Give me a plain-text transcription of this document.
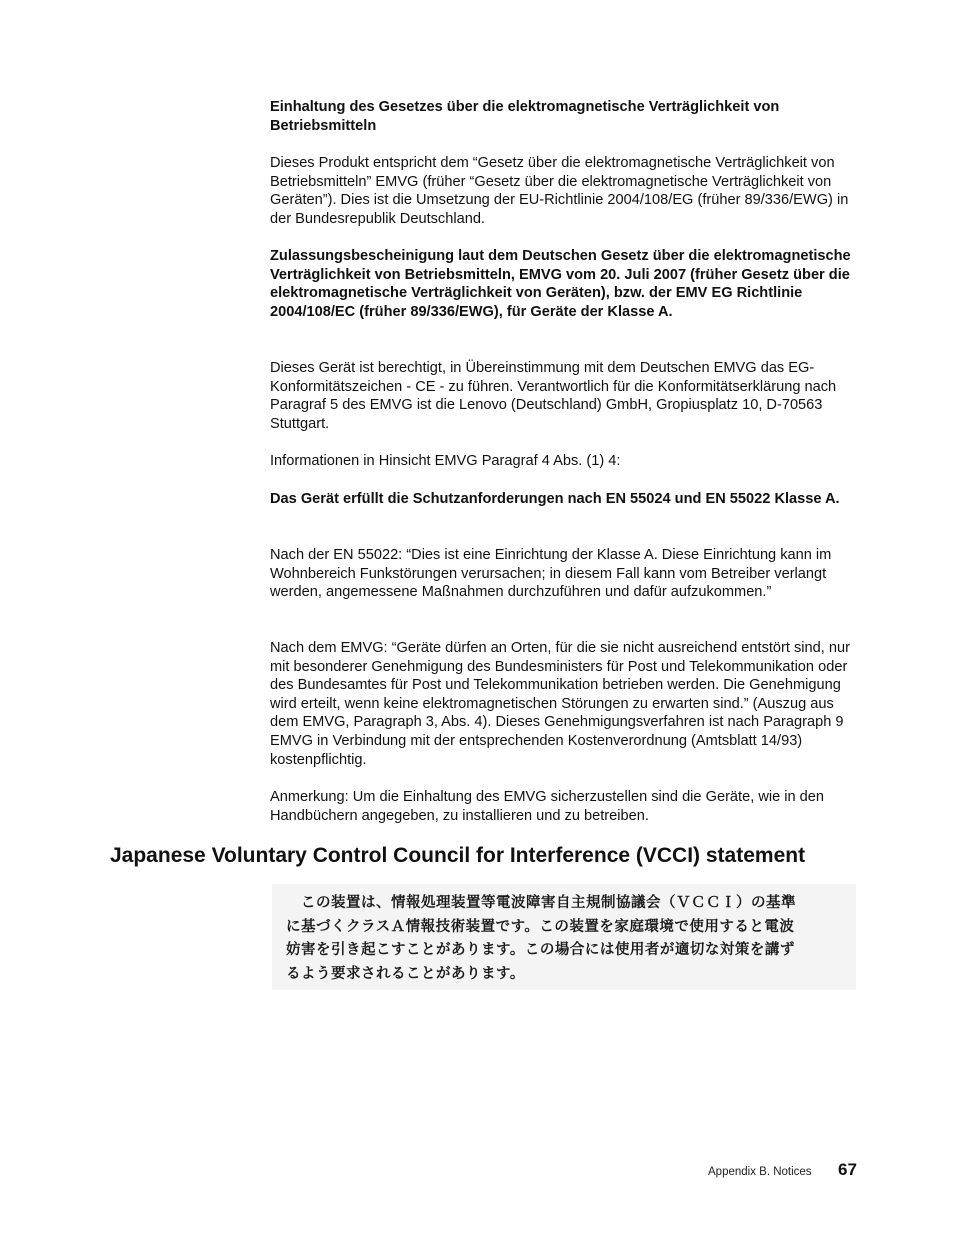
Einhaltung des Gesetzes über die elektromagnetische Verträglichkeit von Betriebsmitteln

Dieses Produkt entspricht dem “Gesetz über die elektromagnetische Verträglichkeit von Betriebsmitteln” EMVG (früher “Gesetz über die elektromagnetische Verträglichkeit von Geräten”). Dies ist die Umsetzung der EU-Richtlinie 2004/108/EG (früher 89/336/EWG) in der Bundesrepublik Deutschland.

Zulassungsbescheinigung laut dem Deutschen Gesetz über die elektromagnetische Verträglichkeit von Betriebsmitteln, EMVG vom 20. Juli 2007 (früher Gesetz über die elektromagnetische Verträglichkeit von Geräten), bzw. der EMV EG Richtlinie 2004/108/EC (früher 89/336/EWG), für Geräte der Klasse A.

Dieses Gerät ist berechtigt, in Übereinstimmung mit dem Deutschen EMVG das EG-Konformitätszeichen - CE - zu führen. Verantwortlich für die Konformitätserklärung nach Paragraf 5 des EMVG ist die Lenovo (Deutschland) GmbH, Gropiusplatz 10, D-70563 Stuttgart.

Informationen in Hinsicht EMVG Paragraf 4 Abs. (1) 4:

Das Gerät erfüllt die Schutzanforderungen nach EN 55024 und EN 55022 Klasse A.

Nach der EN 55022: “Dies ist eine Einrichtung der Klasse A. Diese Einrichtung kann im Wohnbereich Funkstörungen verursachen; in diesem Fall kann vom Betreiber verlangt werden, angemessene Maßnahmen durchzuführen und dafür aufzukommen.”

Nach dem EMVG: “Geräte dürfen an Orten, für die sie nicht ausreichend entstört sind, nur mit besonderer Genehmigung des Bundesministers für Post und Telekommunikation oder des Bundesamtes für Post und Telekommunikation betrieben werden. Die Genehmigung wird erteilt, wenn keine elektromagnetischen Störungen zu erwarten sind.” (Auszug aus dem EMVG, Paragraph 3, Abs. 4). Dieses Genehmigungsverfahren ist nach Paragraph 9 EMVG in Verbindung mit der entsprechenden Kostenverordnung (Amtsblatt 14/93) kostenpflichtig.

Anmerkung: Um die Einhaltung des EMVG sicherzustellen sind die Geräte, wie in den Handbüchern angegeben, zu installieren und zu betreiben.

Japanese Voluntary Control Council for Interference (VCCI) statement
　この装置は、情報処理装置等電波障害自主規制協議会（ＶＣＣＩ）の基準
に基づくクラスＡ情報技術装置です。この装置を家庭環境で使用すると電波
妨害を引き起こすことがあります。この場合には使用者が適切な対策を講ず
るよう要求されることがあります。
Appendix B. Notices 67
